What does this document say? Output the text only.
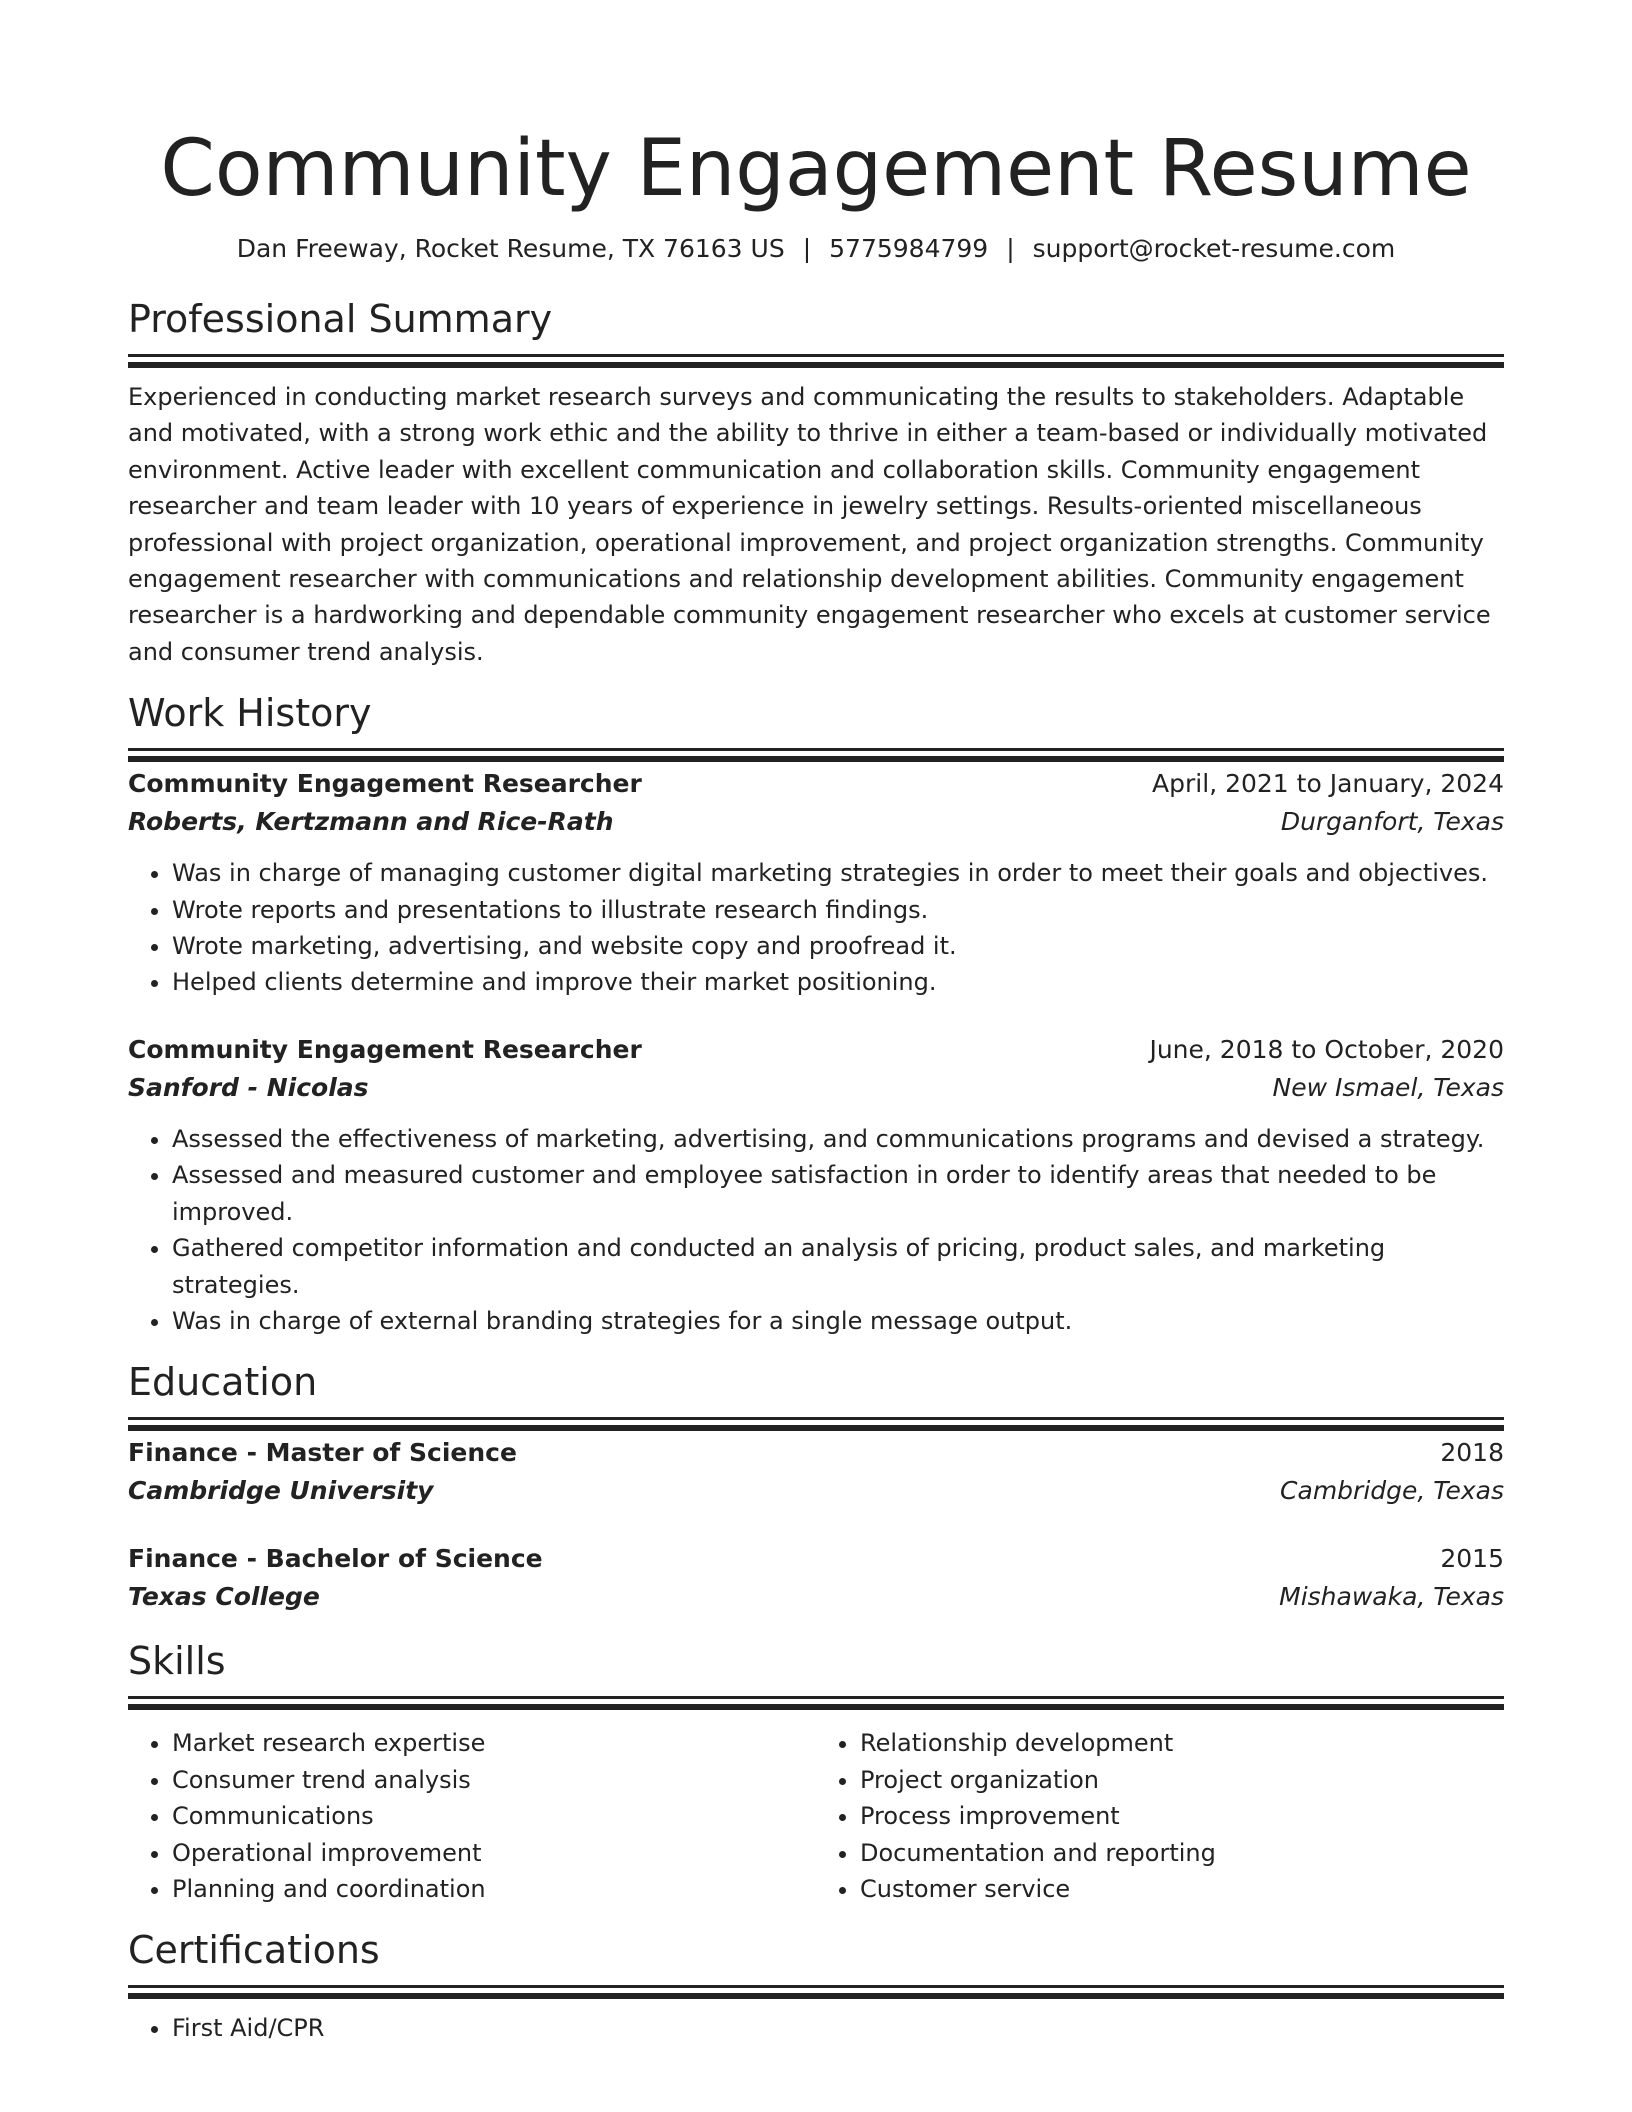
Community Engagement Resume
Dan Freeway, Rocket Resume, TX 76163 US | 5775984799 | support@rocket-resume.com
Professional Summary
Experienced in conducting market research surveys and communicating the results to stakeholders. Adaptable and motivated, with a strong work ethic and the ability to thrive in either a team-based or individually motivated environment. Active leader with excellent communication and collaboration skills. Community engagement researcher and team leader with 10 years of experience in jewelry settings. Results-oriented miscellaneous professional with project organization, operational improvement, and project organization strengths. Community engagement researcher with communications and relationship development abilities. Community engagement researcher is a hardworking and dependable community engagement researcher who excels at customer service and consumer trend analysis.
Work History
Community Engagement Researcher	April, 2021 to January, 2024
Roberts, Kertzmann and Rice-Rath	Durganfort, Texas
• Was in charge of managing customer digital marketing strategies in order to meet their goals and objectives.
• Wrote reports and presentations to illustrate research findings.
• Wrote marketing, advertising, and website copy and proofread it.
• Helped clients determine and improve their market positioning.
Community Engagement Researcher	June, 2018 to October, 2020
Sanford - Nicolas	New Ismael, Texas
• Assessed the effectiveness of marketing, advertising, and communications programs and devised a strategy.
• Assessed and measured customer and employee satisfaction in order to identify areas that needed to be improved.
• Gathered competitor information and conducted an analysis of pricing, product sales, and marketing strategies.
• Was in charge of external branding strategies for a single message output.
Education
Finance - Master of Science	2018
Cambridge University	Cambridge, Texas
Finance - Bachelor of Science	2015
Texas College	Mishawaka, Texas
Skills
• Market research expertise
• Consumer trend analysis
• Communications
• Operational improvement
• Planning and coordination
• Relationship development
• Project organization
• Process improvement
• Documentation and reporting
• Customer service
Certifications
• First Aid/CPR
